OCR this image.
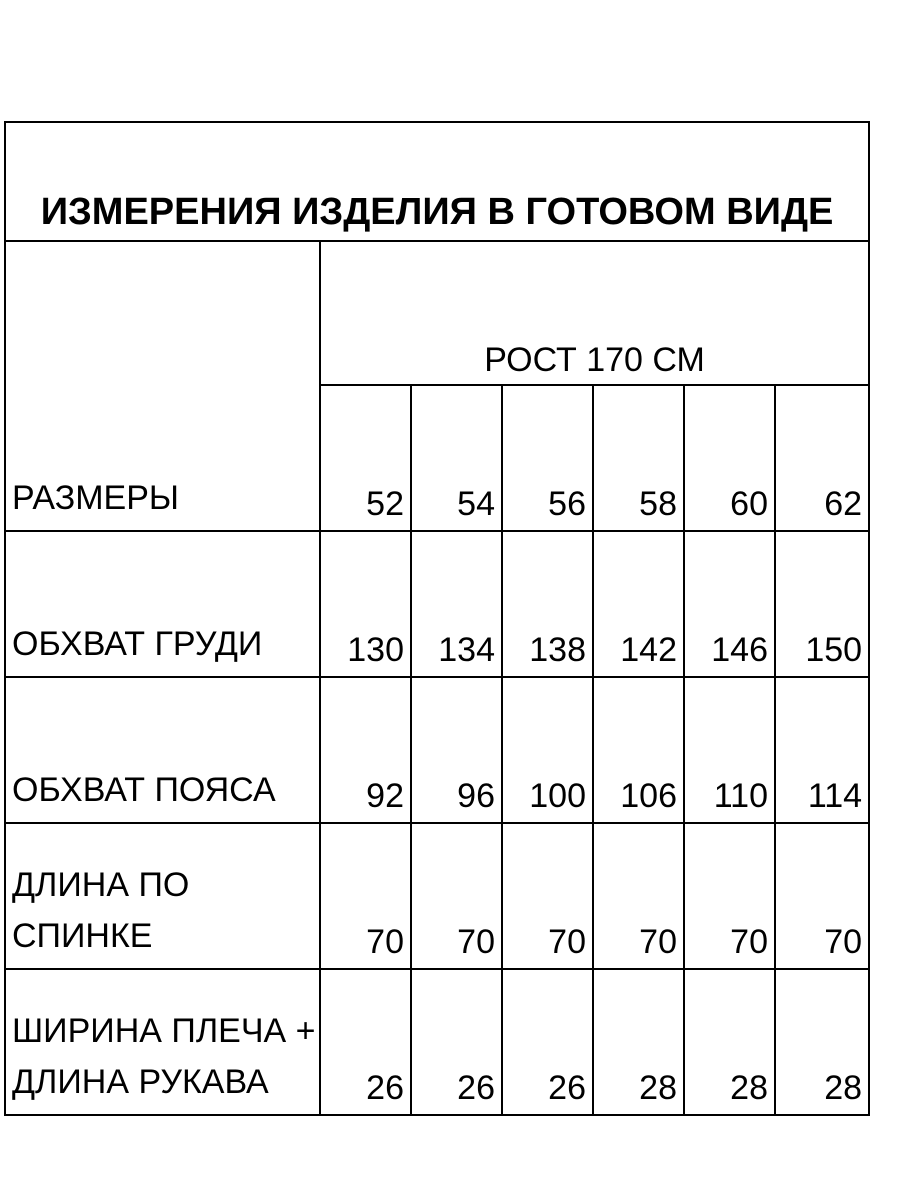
ИЗМЕРЕНИЯ ИЗДЕЛИЯ В ГОТОВОМ ВИДЕ						
РАЗМЕРЫ	РОСТ 170 СМ					
	52	54	56	58	60	62
ОБХВАТ ГРУДИ	130	134	138	142	146	150
ОБХВАТ ПОЯСА	92	96	100	106	110	114
ДЛИНА ПО СПИНКЕ	70	70	70	70	70	70
ШИРИНА ПЛЕЧА + ДЛИНА РУКАВА	26	26	26	28	28	28
